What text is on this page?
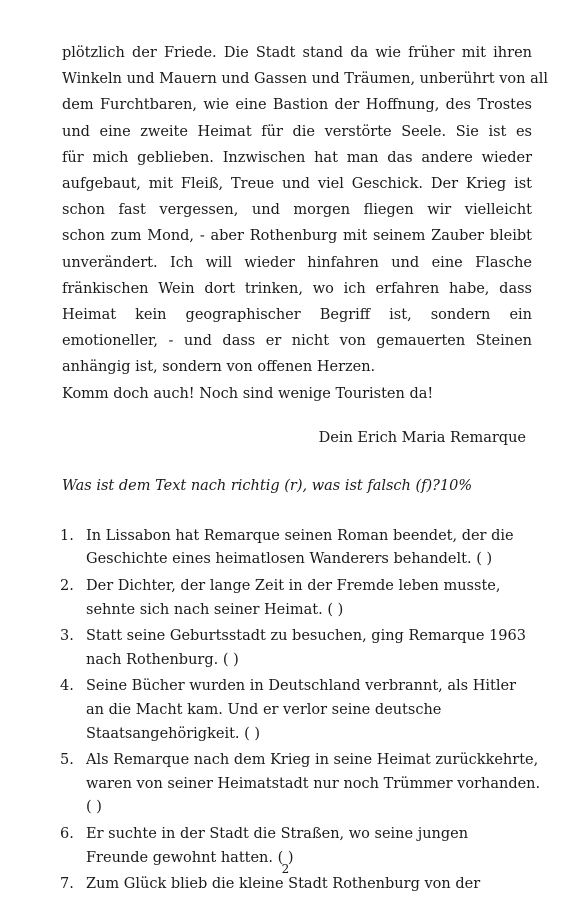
plötzlich der Friede. Die Stadt stand da wie früher mit ihren

Winkeln und Mauern und Gassen und Träumen, unberührt von all

dem Furchtbaren, wie eine Bastion der Hoffnung, des Trostes

und eine zweite Heimat für die verstörte Seele. Sie ist es

für mich geblieben. Inzwischen hat man das andere wieder

aufgebaut, mit Fleiß, Treue und viel Geschick. Der Krieg ist

schon fast vergessen, und morgen fliegen wir vielleicht

schon zum Mond, - aber Rothenburg mit seinem Zauber bleibt

unverändert. Ich will wieder hinfahren und eine Flasche

fränkischen Wein dort trinken, wo ich erfahren habe, dass

Heimat kein geographischer Begriff ist, sondern ein

emotioneller, - und dass er nicht von gemauerten Steinen

anhängig ist, sondern von offenen Herzen.

Komm doch auch! Noch sind wenige Touristen da!

Dein Erich Maria Remarque
Was ist dem Text nach richtig (r), was ist falsch (f)?10%
1. In Lissabon hat Remarque seinen Roman beendet, der die
Geschichte eines heimatlosen Wanderers behandelt. ( )
2. Der Dichter, der lange Zeit in der Fremde leben musste,
sehnte sich nach seiner Heimat. ( )
3. Statt seine Geburtsstadt zu besuchen, ging Remarque 1963
nach Rothenburg. ( )
4. Seine Bücher wurden in Deutschland verbrannt, als Hitler
an die Macht kam. Und er verlor seine deutsche
Staatsangehörigkeit. ( )
5. Als Remarque nach dem Krieg in seine Heimat zurückkehrte,
waren von seiner Heimatstadt nur noch Trümmer vorhanden.
( )
6. Er suchte in der Stadt die Straßen, wo seine jungen
Freunde gewohnt hatten. ( )
7. Zum Glück blieb die kleine Stadt Rothenburg von der
2
